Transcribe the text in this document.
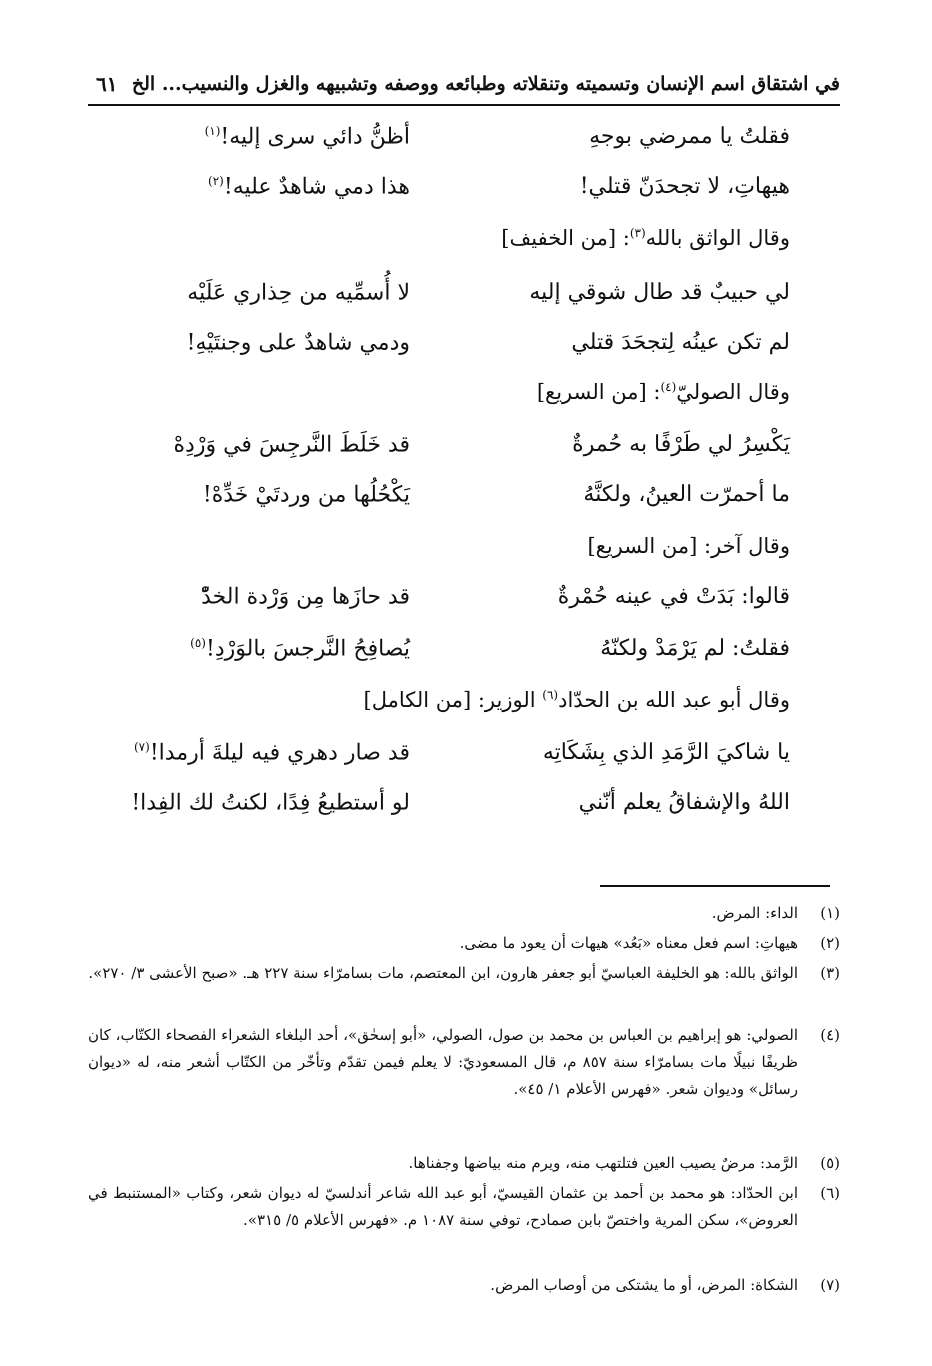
في اشتقاق اسم الإنسان وتسميته وتنقلاته وطبائعه ووصفه وتشبيهه والغزل والنسيب... الخ
٦١
فقلتُ يا ممرضي بوجهِ
أظنُّ دائي سرى إليه!$^{(١)}$
هيهاتِ، لا تجحدَنّ قتلي!
هذا دمي شاهدٌ عليه!$^{(٢)}$
وقال الواثق بالله$^{(٣)}$: [من الخفيف]
لي حبيبٌ قد طال شوقي إليه
لا أُسمِّيه من حِذاري عَلَيْه
لم تكن عينُه لِتجحَدَ قتلي
ودمي شاهدٌ على وجنتَيْهِ!
وقال الصوليّ$^{(٤)}$: [من السريع]
يَكْسِرُ لي طَرْفًا به حُمرةٌ
قد خَلَطَ النَّرجِسَ في وَرْدِهْ
ما أحمرّت العينُ، ولكنَّهُ
يَكْحُلُها من وردتَيْ خَدِّهْ!
وقال آخر: [من السريع]
قالوا: بَدَتْ في عينه حُمْرةٌ
قد حازَها مِن وَرْدة الخدّْ
فقلتُ: لم يَرْمَدْ ولكنّهُ
يُصافِحُ النَّرجسَ بالوَرْدِ!$^{(٥)}$
وقال أبو عبد الله بن الحدّاد$^{(٦)}$ الوزير: [من الكامل]
يا شاكيَ الرَّمَدِ الذي بِشَكَاتِه
قد صار دهري فيه ليلةَ أرمدا!$^{(٧)}$
اللهُ والإشفاقُ يعلم أنّني
لو أستطيعُ فِدًا، لكنتُ لك الفِدا!
(١)
الداء: المرض.
(٢)
هيهاتِ: اسم فعل معناه «بَعُد» هيهات أن يعود ما مضى.
(٣)
الواثق بالله: هو الخليفة العباسيّ أبو جعفر هارون، ابن المعتصم، مات بسامرّاء سنة ٢٢٧ هـ. «صبح الأعشى ٣/ ٢٧٠».
(٤)
الصولي: هو إبراهيم بن العباس بن محمد بن صول، الصولي، «أبو إسحٰق»، أحد البلغاء الشعراء الفصحاء الكتّاب، كان ظريفًا نبيلًا مات بسامرّاء سنة ٨٥٧ م، قال المسعوديّ: لا يعلم فيمن تقدّم وتأخّر من الكتّاب أشعر منه، له «ديوان رسائل» وديوان شعر. «فهرس الأعلام ١/ ٤٥».
(٥)
الرَّمد: مرضٌ يصيب العين فتلتهب منه، ويرم منه بياضها وجفناها.
(٦)
ابن الحدّاد: هو محمد بن أحمد بن عثمان القيسيّ، أبو عبد الله شاعر أندلسيّ له ديوان شعر، وكتاب «المستنبط في العروض»، سكن المرية واختصّ بابن صمادح، توفي سنة ١٠٨٧ م. «فهرس الأعلام ٥/ ٣١٥».
(٧)
الشكاة: المرض، أو ما يشتكى من أوصاب المرض.
